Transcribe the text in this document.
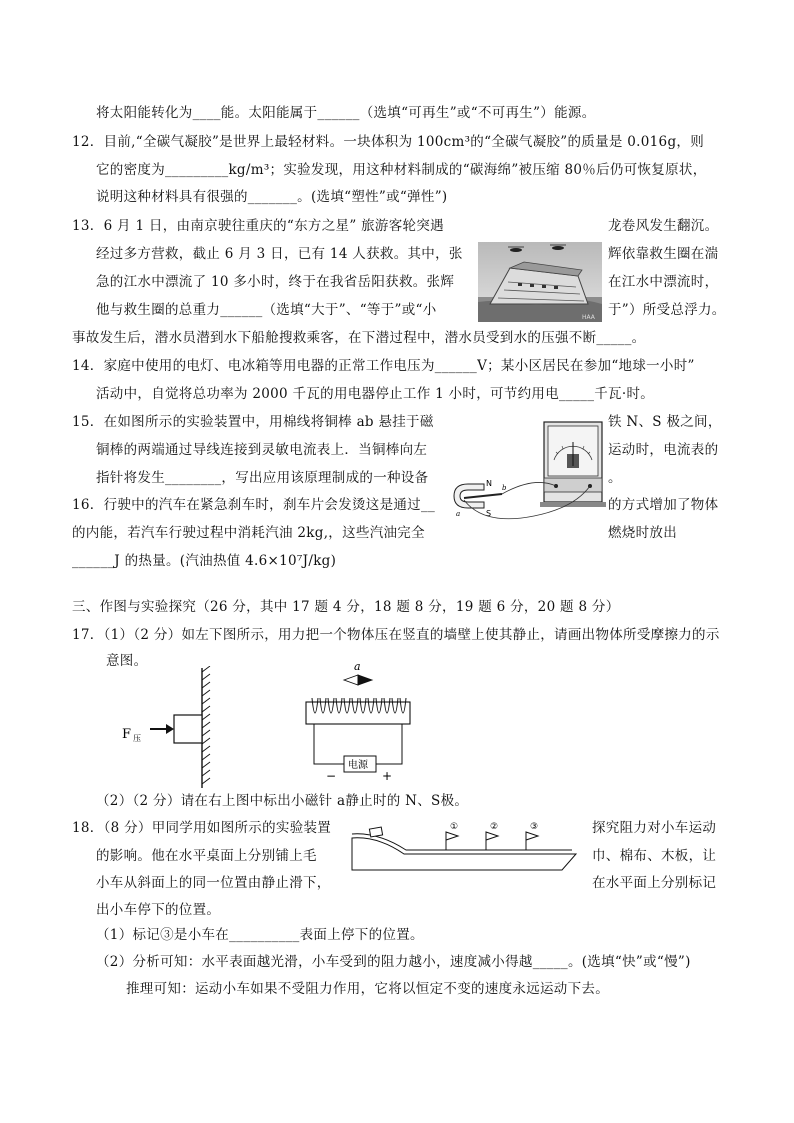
将太阳能转化为____能。太阳能属于______（选填“可再生”或“不可再生”）能源。
12．目前,“全碳气凝胶”是世界上最轻材料。一块体积为 100cm³的“全碳气凝胶”的质量是 0.016g，则
它的密度为_________kg/m³；实验发现，用这种材料制成的“碳海绵”被压缩 80％后仍可恢复原状，
说明这种材料具有很强的_______。(选填“塑性”或“弹性”)
13．6 月 1 日，由南京驶往重庆的“东方之星” 旅游客轮突遇	龙卷风发生翻沉。
经过多方营救，截止 6 月 3 日，已有 14 人获救。其中，张	辉依靠救生圈在湍
急的江水中漂流了 10 多小时，终于在我省岳阳获救。张辉	在江水中漂流时，
他与救生圈的总重力______（选填“大于”、“等于”或“小	于”）所受总浮力。
事故发生后，潜水员潜到水下船舱搜救乘客，在下潜过程中，潜水员受到水的压强不断_____。
14．家庭中使用的电灯、电冰箱等用电器的正常工作电压为______V；某小区居民在参加“地球一小时”
活动中，自觉将总功率为 2000 千瓦的用电器停止工作 1 小时，可节约用电_____千瓦·时。
15．在如图所示的实验装置中，用棉线将铜棒 ab 悬挂于磁	铁 N、S 极之间，
铜棒的两端通过导线连接到灵敏电流表上．当铜棒向左	运动时，电流表的
指针将发生________，写出应用该原理制成的一种设备	。
16．行驶中的汽车在紧急刹车时，刹车片会发烫这是通过__	的方式增加了物体
的内能，若汽车行驶过程中消耗汽油 2kg,，这些汽油完全	燃烧时放出
______J 的热量。(汽油热值 4.6×10⁷J/kg)
三、作图与实验探究（26 分，其中 17 题 4 分，18 题 8 分，19 题 6 分，20 题 8 分）
17．（1）（2 分）如左下图所示，用力把一个物体压在竖直的墙壁上使其静止，请画出物体所受摩擦力的示
意图。
（2）（2 分）请在右上图中标出小磁针 a静止时的 N、S极。
18．（8 分）甲同学用如图所示的实验装置	探究阻力对小车运动
的影响。他在水平桌面上分别铺上毛	巾、棉布、木板，让
小车从斜面上的同一位置由静止滑下，	在水平面上分别标记
出小车停下的位置。
（1）标记③是小车在__________表面上停下的位置。
（2）分析可知：水平表面越光滑，小车受到的阻力越小，速度减小得越_____。(选填“快”或“慢”)
推理可知：运动小车如果不受阻力作用，它将以恒定不变的速度永远运动下去。
HAA
N
S
a
b
F 压
a
电源
−	+
①	②	③
